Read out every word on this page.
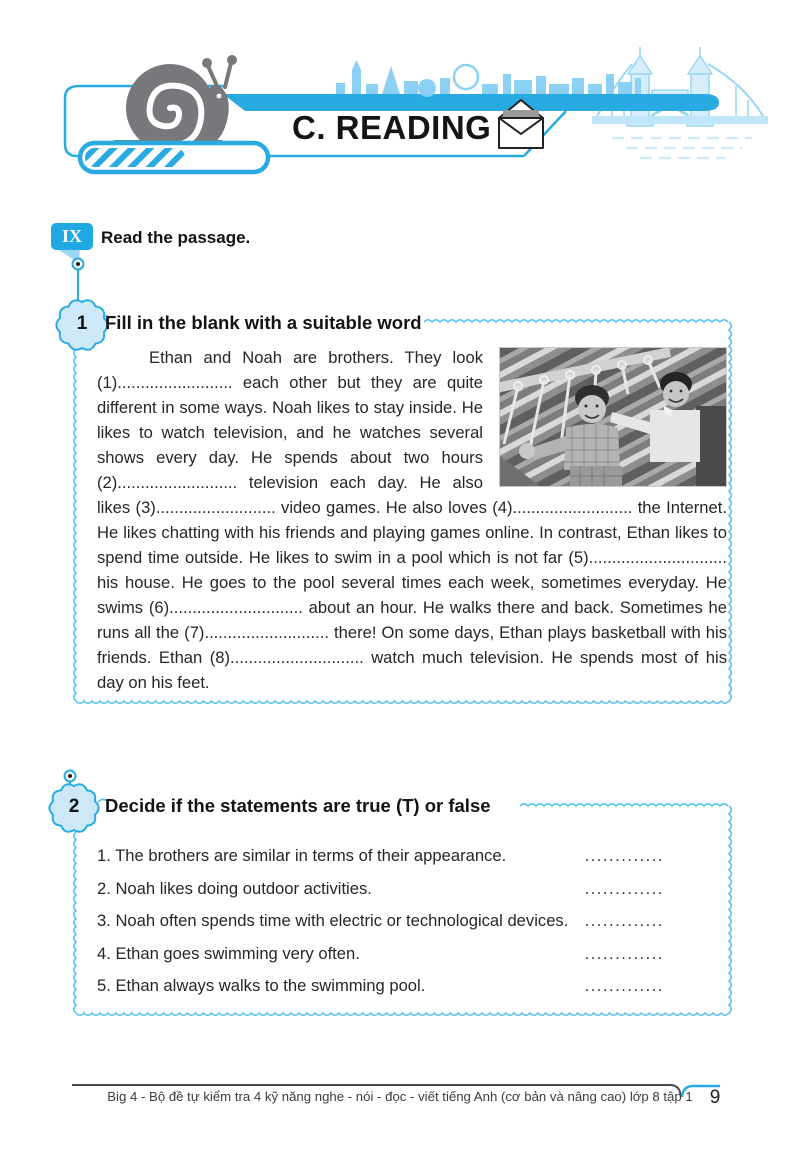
C. READING
IX	Read the passage.
1 Fill in the blank with a suitable word
Ethan and Noah are brothers. They look (1)......................... each other but they are quite different in some ways. Noah likes to stay inside. He likes to watch television, and he watches several shows every day. He spends about two hours (2).......................... television each day. He also likes (3).......................... video games. He also loves (4).......................... the Internet. He likes chatting with his friends and playing games online. In contrast, Ethan likes to spend time outside. He likes to swim in a pool which is not far (5).............................. his house. He goes to the pool several times each week, sometimes everyday. He swims (6)............................. about an hour. He walks there and back. Sometimes he runs all the (7)........................... there! On some days, Ethan plays basketball with his friends. Ethan (8)............................. watch much television. He spends most of his day on his feet.
2	Decide if the statements are true (T) or false
1. The brothers are similar in terms of their appearance.	.............
2. Noah likes doing outdoor activities.	.............
3. Noah often spends time with electric or technological devices. .............
4. Ethan goes swimming very often.	.............
5. Ethan always walks to the swimming pool.	.............
Big 4 - Bộ đề tự kiểm tra 4 kỹ năng nghe - nói - đọc - viết tiếng Anh (cơ bản và nâng cao) lớp 8 tập 1 9
